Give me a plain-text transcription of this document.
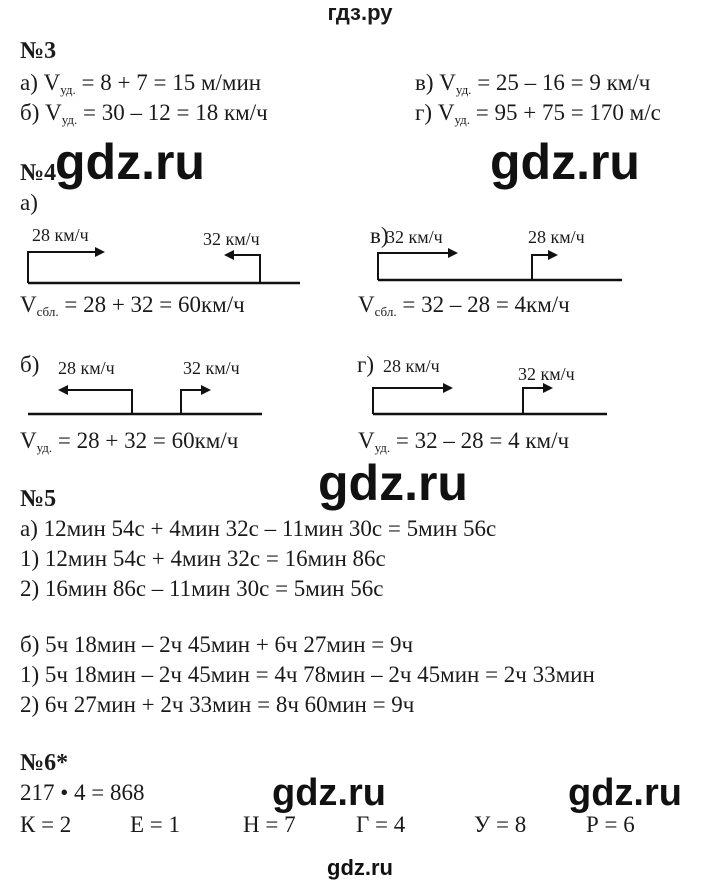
гдз.ру
№3
а) $V_{уд.} = 8 + 7 = 15$ м/мин
б) $V_{уд.} = 30 - 12 = 18$ км/ч
в) $V_{уд.} = 25 - 16 = 9$ км/ч
г) $V_{уд.} = 95 + 75 = 170$ м/с
№4
gdz.ru	gdz.ru
а)
28 км/ч	32 км/ч
$V_{сбл.} = 28 + 32 = 60км/ч$
в)
32 км/ч	28 км/ч
$V_{сбл.} = 32 - 28 = 4км/ч$
б) 28 км/ч	32 км/ч
$V_{уд.} = 28 + 32 = 60км/ч$
г) 28 км/ч	32 км/ч
$V_{уд.} = 32 - 28 = 4$ км/ч
gdz.ru
№5
а) 12мин 54с + 4мин 32с – 11мин 30с = 5мин 56с
1) 12мин 54с + 4мин 32с = 16мин 86с
2) 16мин 86с – 11мин 30с = 5мин 56с
б) 5ч 18мин – 2ч 45мин + 6ч 27мин = 9ч
1) 5ч 18мин – 2ч 45мин = 4ч 78мин – 2ч 45мин = 2ч 33мин
2) 6ч 27мин + 2ч 33мин = 8ч 60мин = 9ч
№6*
217 • 4 = 868	gdz.ru	gdz.ru
К = 2	Е = 1	Н = 7	Г = 4	У = 8	Р = 6
gdz.ru
